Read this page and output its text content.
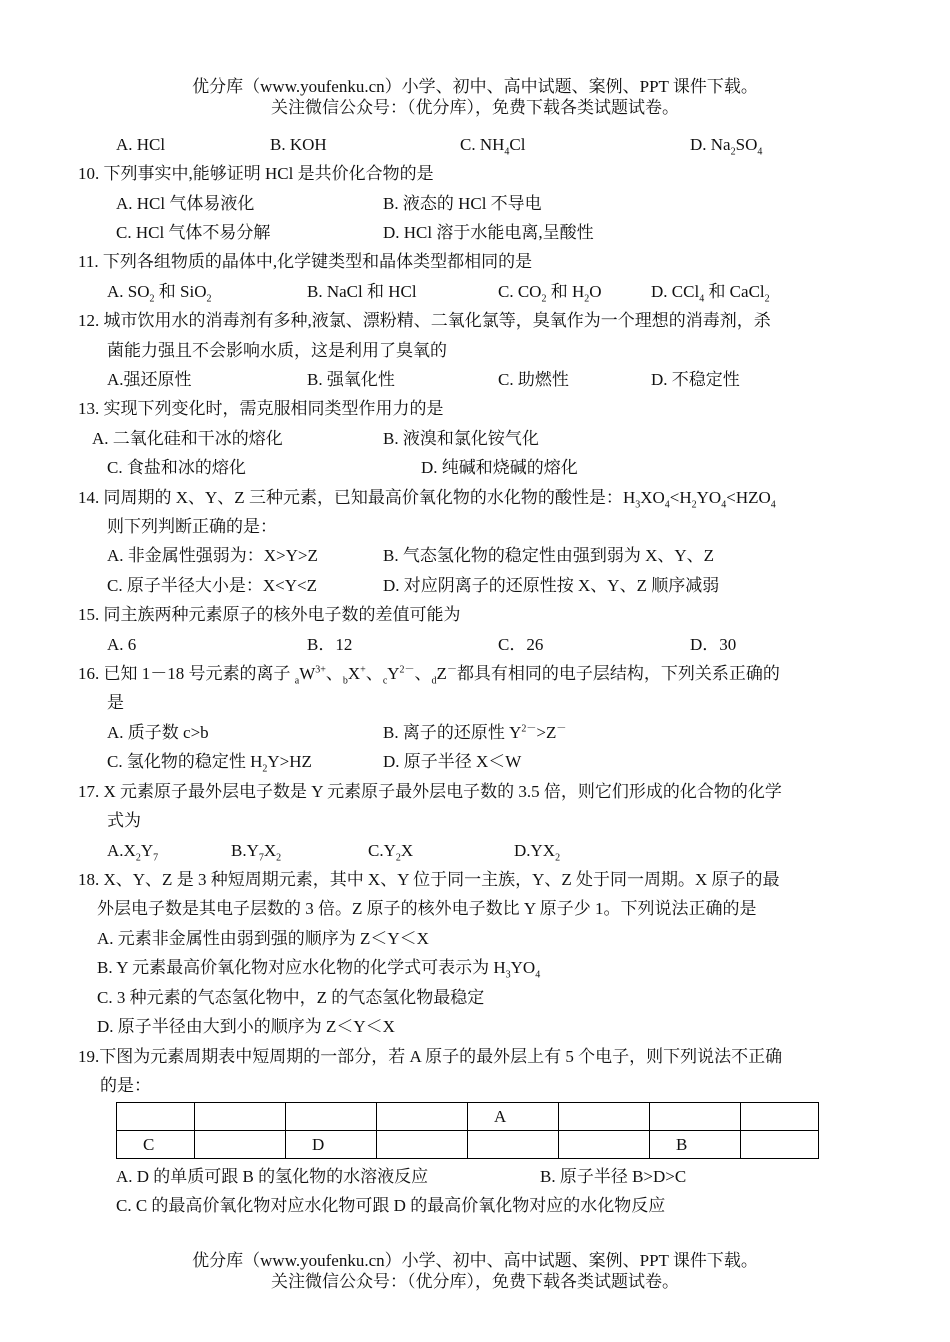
优分库（www.youfenku.cn）小学、初中、高中试题、案例、PPT 课件下载。
关注微信公众号：（优分库），免费下载各类试题试卷。
A. HCl	B. KOH	C. $NH_4Cl$	D. $Na_2SO_4$
10. 下列事实中,能够证明 HCl 是共价化合物的是
A. HCl 气体易液化	B. 液态的 HCl 不导电
C. HCl 气体不易分解	D. HCl 溶于水能电离,呈酸性
11. 下列各组物质的晶体中,化学键类型和晶体类型都相同的是
A. $SO_2$ 和 SiO$_2$	B. NaCl 和 HCl	C. $CO_2$ 和 $H_2O$	D. CCl$_4$ 和 CaCl$_2$
12. 城市饮用水的消毒剂有多种,液氯、漂粉精、二氧化氯等，臭氧作为一个理想的消毒剂，杀
菌能力强且不会影响水质，这是利用了臭氧的
A.强还原性	B. 强氧化性	C. 助燃性	D. 不稳定性
13. 实现下列变化时，需克服相同类型作用力的是
A. 二氧化硅和干冰的熔化	B. 液溴和氯化铵气化
C. 食盐和冰的熔化	D. 纯碱和烧碱的熔化
14. 同周期的 X、Y、Z 三种元素，已知最高价氧化物的水化物的酸性是：$H_3XO_4<H_2YO_4<HZO_4$
则下列判断正确的是：
A. 非金属性强弱为：X>Y>Z	B. 气态氢化物的稳定性由强到弱为 X、Y、Z
C. 原子半径大小是：X<Y<Z	D. 对应阴离子的还原性按 X、Y、Z 顺序减弱
15. 同主族两种元素原子的核外电子数的差值可能为
A. 6	B．12	C．26	D．30
16. 已知 1－18 号元素的离子 $_aW^{3+}$、$_b$X+、$_cY^{2-}$、$_d$Z－都具有相同的电子层结构，下列关系正确的
是
A. 质子数 c>b	B. 离子的还原性 $Y^{2-}>Z^-$
C. 氢化物的稳定性 $H_2Y>HZ$	D. 原子半径 X＜W
17. X 元素原子最外层电子数是 Y 元素原子最外层电子数的 3.5 倍，则它们形成的化合物的化学
式为
$A.X_2Y_7$	$B.Y_7X_2$	$C.Y_2X$	$D.YX_2$
18. X、Y、Z 是 3 种短周期元素，其中 X、Y 位于同一主族，Y、Z 处于同一周期。X 原子的最
外层电子数是其电子层数的 3 倍。Z 原子的核外电子数比 Y 原子少 1。下列说法正确的是
A. 元素非金属性由弱到强的顺序为 Z＜Y＜X
B. Y 元素最高价氧化物对应水化物的化学式可表示为 $H_3YO_4$
C. 3 种元素的气态氢化物中，Z 的气态氢化物最稳定
D. 原子半径由大到小的顺序为 Z＜Y＜X
19.下图为元素周期表中短周期的一部分，若 A 原子的最外层上有 5 个电子，则下列说法不正确
的是：
				A			
C		D				B	
A. D 的单质可跟 B 的氢化物的水溶液反应	B. 原子半径 B>D>C
C. C 的最高价氧化物对应水化物可跟 D 的最高价氧化物对应的水化物反应
优分库（www.youfenku.cn）小学、初中、高中试题、案例、PPT 课件下载。
关注微信公众号：（优分库），免费下载各类试题试卷。
